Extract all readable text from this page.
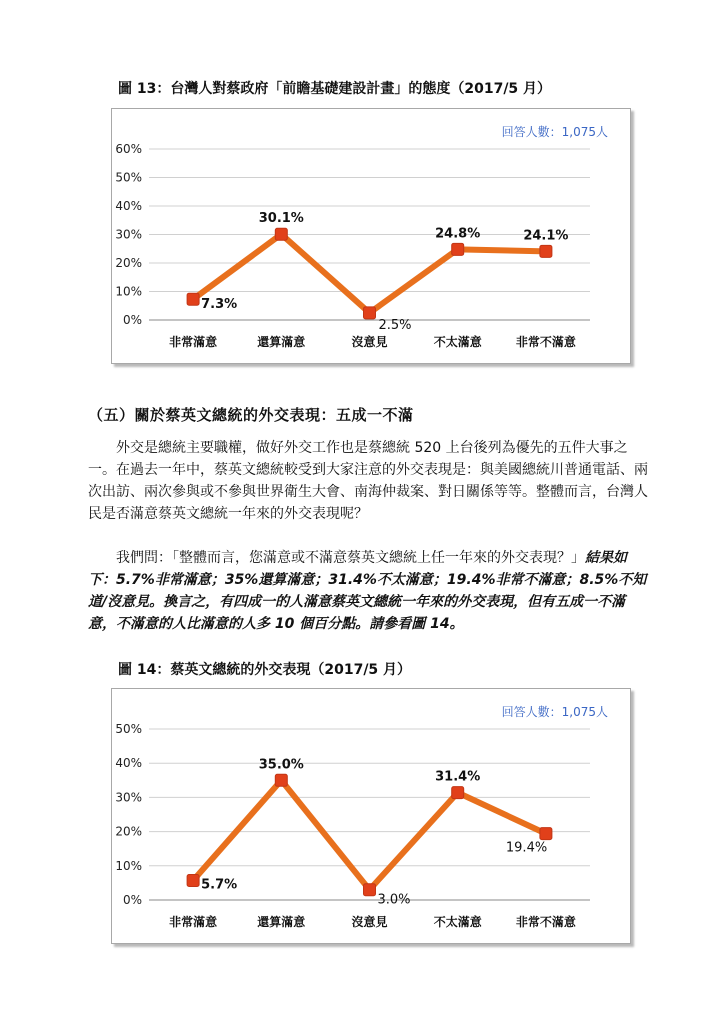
圖 13：台灣人對蔡政府「前瞻基礎建設計畫」的態度（2017/5 月）
回答人數：1,075人
0%
10%
20%
30%
40%
50%
60%
非常滿意	還算滿意	沒意見	不太滿意	非常不滿意
7.3%
30.1%
2.5%
24.8%	24.1%
（五）關於蔡英文總統的外交表現：五成一不滿

外交是總統主要職權，做好外交工作也是蔡總統 520 上台後列為優先的五件大事之一。在過去一年中，蔡英文總統較受到大家注意的外交表現是：與美國總統川普通電話、兩次出訪、兩次參與或不參與世界衛生大會、南海仲裁案、對日關係等等。整體而言，台灣人民是否滿意蔡英文總統一年來的外交表現呢？

我們問：「整體而言，您滿意或不滿意蔡英文總統上任一年來的外交表現？」結果如下：5.7%非常滿意；35%還算滿意；31.4%不太滿意；19.4%非常不滿意；8.5%不知道/沒意見。換言之，有四成一的人滿意蔡英文總統一年來的外交表現，但有五成一不滿意，不滿意的人比滿意的人多 10 個百分點。請參看圖 14。

圖 14：蔡英文總統的外交表現（2017/5 月）
回答人數：1,075人
0%
10%
20%
30%
40%
50%
非常滿意	還算滿意	沒意見	不太滿意	非常不滿意
5.7%
35.0%
3.0%
31.4%
19.4%
